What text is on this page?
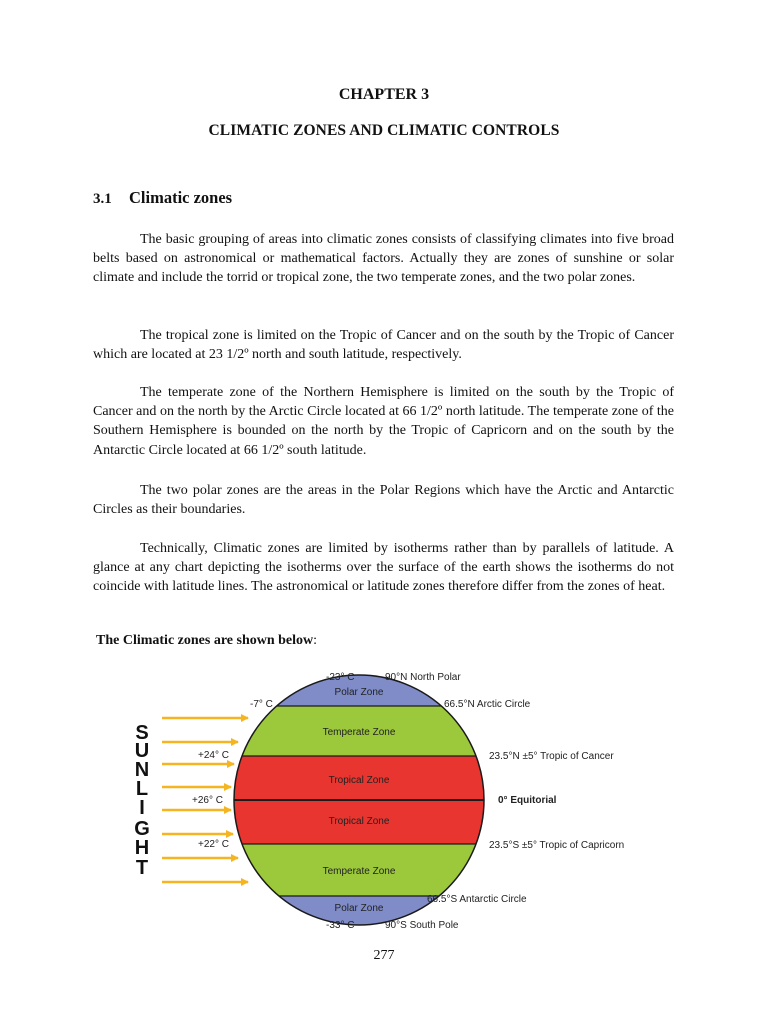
CHAPTER 3
CLIMATIC ZONES AND CLIMATIC CONTROLS
3.1 Climatic zones

The basic grouping of areas into climatic zones consists of classifying climates into five broad belts based on astronomical or mathematical factors. Actually they are zones of sunshine or solar climate and include the torrid or tropical zone, the two temperate zones, and the two polar zones.

The tropical zone is limited on the Tropic of Cancer and on the south by the Tropic of Cancer which are located at 23 1/2º north and south latitude, respectively.

The temperate zone of the Northern Hemisphere is limited on the south by the Tropic of Cancer and on the north by the Arctic Circle located at 66 1/2º north latitude. The temperate zone of the Southern Hemisphere is bounded on the north by the Tropic of Capricorn and on the south by the Antarctic Circle located at 66 1/2º south latitude.

The two polar zones are the areas in the Polar Regions which have the Arctic and Antarctic Circles as their boundaries.

Technically, Climatic zones are limited by isotherms rather than by parallels of latitude. A glance at any chart depicting the isotherms over the surface of the earth shows the isotherms do not coincide with latitude lines. The astronomical or latitude zones therefore differ from the zones of heat.

The Climatic zones are shown below:
S
U
N
L
I
G
H
T
Polar Zone
Temperate Zone
Tropical Zone
Tropical Zone
Temperate Zone
Polar Zone
-23° C
-7° C
+24° C
+26° C
+22° C
-33° C
90°N North Polar
66.5°N Arctic Circle
23.5°N ±5° Tropic of Cancer
0° Equitorial
23.5°S ±5° Tropic of Capricorn
66.5°S Antarctic Circle
90°S South Pole
277
